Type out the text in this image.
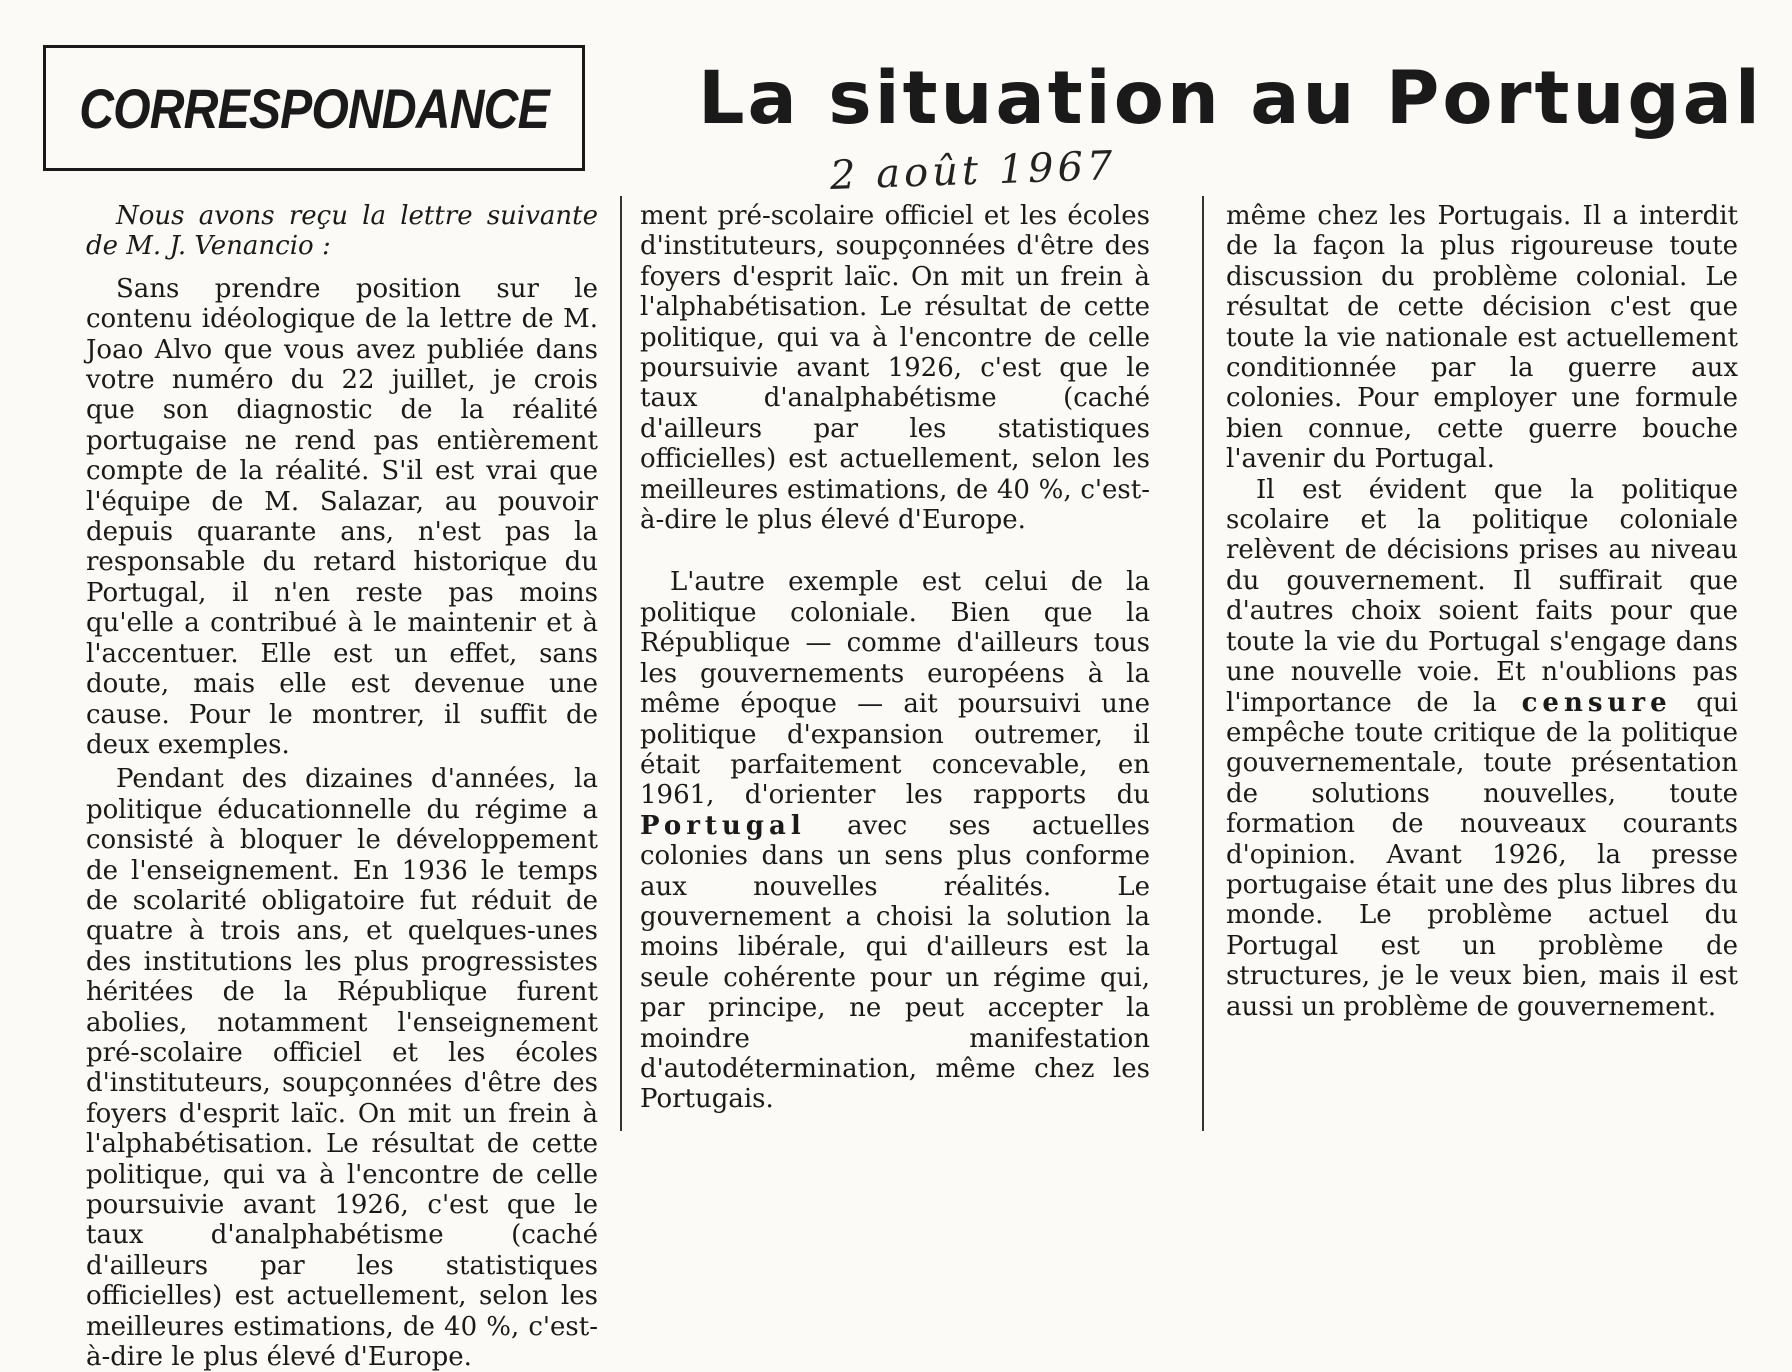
CORRESPONDANCE La situation au Portugal
2 août 1967

Nous avons reçu la lettre suivante de M. J. Venancio :

Sans prendre position sur le contenu idéologique de la lettre de M. Joao Alvo que vous avez publiée dans votre numéro du 22 juillet, je crois que son diagnostic de la réalité portugaise ne rend pas entièrement compte de la réalité. S'il est vrai que l'équipe de M. Salazar, au pouvoir depuis quarante ans, n'est pas la responsable du retard historique du Portugal, il n'en reste pas moins qu'elle a contribué à le maintenir et à l'accentuer. Elle est un effet, sans doute, mais elle est devenue une cause. Pour le montrer, il suffit de deux exemples.

Pendant des dizaines d'années, la politique éducationnelle du régime a consisté à bloquer le développement de l'enseignement. En 1936 le temps de scolarité obligatoire fut réduit de quatre à trois ans, et quelques-unes des institutions les plus progressistes héritées de la République furent abolies, notamment l'enseignement pré-scolaire officiel et les écoles d'instituteurs, soupçonnées d'être des foyers d'esprit laïc. On mit un frein à l'alphabétisation. Le résultat de cette politique, qui va à l'encontre de celle poursuivie avant 1926, c'est que le taux d'analphabétisme (caché d'ailleurs par les statistiques officielles) est actuellement, selon les meilleures estimations, de 40 %, c'est-à-dire le plus élevé d'Europe.

ment pré-scolaire officiel et les écoles d'instituteurs, soupçonnées d'être des foyers d'esprit laïc. On mit un frein à l'alphabétisation. Le résultat de cette politique, qui va à l'encontre de celle poursuivie avant 1926, c'est que le taux d'analphabétisme (caché d'ailleurs par les statistiques officielles) est actuellement, selon les meilleures estimations, de 40 %, c'est-à-dire le plus élevé d'Europe.

L'autre exemple est celui de la politique coloniale. Bien que la République — comme d'ailleurs tous les gouvernements européens à la même époque — ait poursuivi une politique d'expansion outremer, il était parfaitement concevable, en 1961, d'orienter les rapports du Portugal avec ses actuelles colonies dans un sens plus conforme aux nouvelles réalités. Le gouvernement a choisi la solution la moins libérale, qui d'ailleurs est la seule cohérente pour un régime qui, par principe, ne peut accepter la moindre manifestation d'autodétermination, même chez les Portugais.

même chez les Portugais. Il a interdit de la façon la plus rigoureuse toute discussion du problème colonial. Le résultat de cette décision c'est que toute la vie nationale est actuellement conditionnée par la guerre aux colonies. Pour employer une formule bien connue, cette guerre bouche l'avenir du Portugal.

Il est évident que la politique scolaire et la politique coloniale relèvent de décisions prises au niveau du gouvernement. Il suffirait que d'autres choix soient faits pour que toute la vie du Portugal s'engage dans une nouvelle voie. Et n'oublions pas l'importance de la censure qui empêche toute critique de la politique gouvernementale, toute présentation de solutions nouvelles, toute formation de nouveaux courants d'opinion. Avant 1926, la presse portugaise était une des plus libres du monde. Le problème actuel du Portugal est un problème de structures, je le veux bien, mais il est aussi un problème de gouvernement.
